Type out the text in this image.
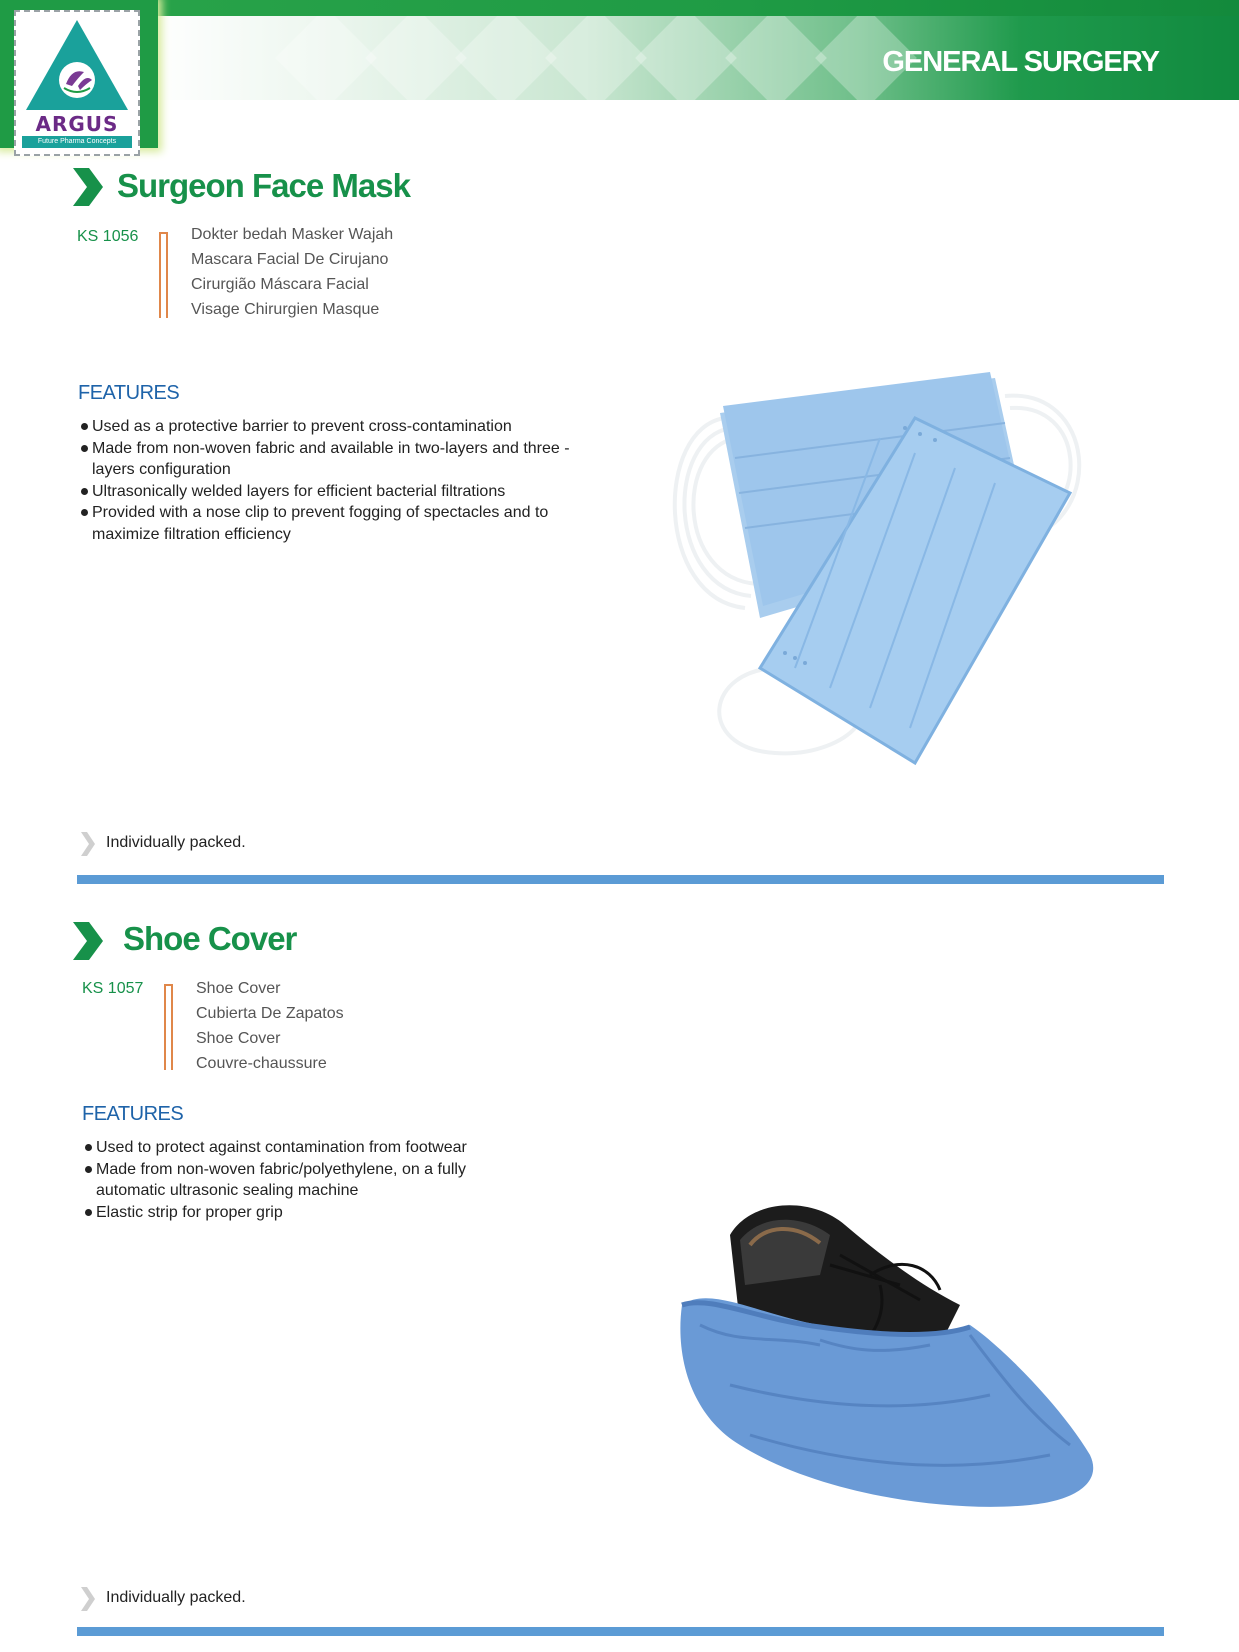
GENERAL SURGERY
ARGUS
Future Pharma Concepts
Surgeon Face Mask
KS 1056	Dokter bedah Masker Wajah
Mascara Facial De Cirujano
Cirurgião Máscara Facial
Visage Chirurgien Masque
FEATURES
Used as a protective barrier to prevent cross-contamination
Made from non-woven fabric and available in two-layers and three - layers configuration
Ultrasonically welded layers for efficient bacterial filtrations
Provided with a nose clip to prevent fogging of spectacles and to maximize filtration efficiency
Individually packed.
Shoe Cover
KS 1057	Shoe Cover
Cubierta De Zapatos
Shoe Cover
Couvre-chaussure
FEATURES
Used to protect against contamination from footwear
Made from non-woven fabric/polyethylene, on a fully automatic ultrasonic sealing machine
Elastic strip for proper grip
Individually packed.
